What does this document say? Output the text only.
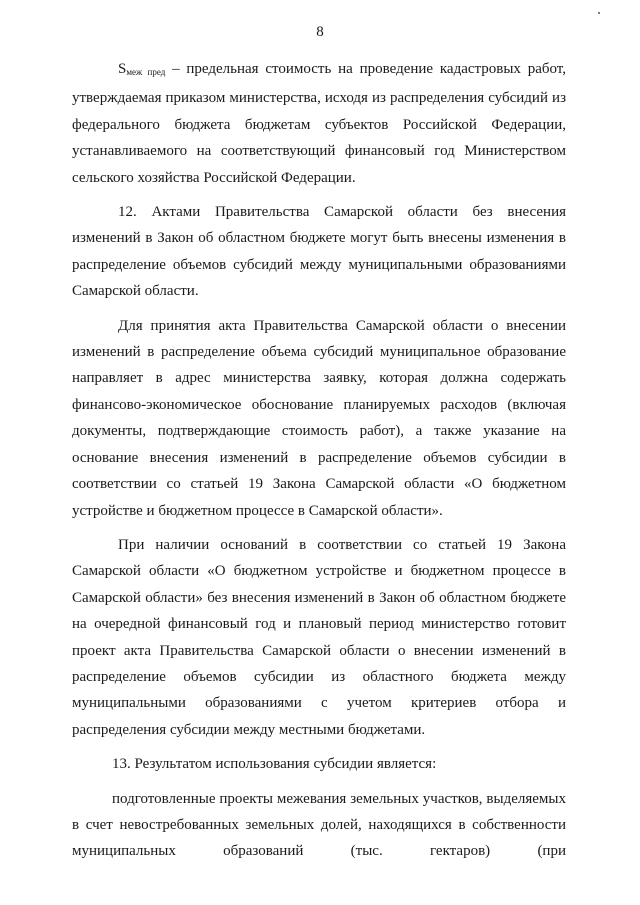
8

$S_{меж пред}$ – предельная стоимость на проведение кадастровых работ, утверждаемая приказом министерства, исходя из распределения субсидий из федерального бюджета бюджетам субъектов Российской Федерации, устанавливаемого на соответствующий финансовый год Министерством сельского хозяйства Российской Федерации.

12. Актами Правительства Самарской области без внесения изменений в Закон об областном бюджете могут быть внесены изменения в распределение объемов субсидий между муниципальными образованиями Самарской области.

Для принятия акта Правительства Самарской области о внесении изменений в распределение объема субсидий муниципальное образование направляет в адрес министерства заявку, которая должна содержать финансово-экономическое обоснование планируемых расходов (включая документы, подтверждающие стоимость работ), а также указание на основание внесения изменений в распределение объемов субсидии в соответствии со статьей 19 Закона Самарской области «О бюджетном устройстве и бюджетном процессе в Самарской области».

При наличии оснований в соответствии со статьей 19 Закона Самарской области «О бюджетном устройстве и бюджетном процессе в Самарской области» без внесения изменений в Закон об областном бюджете на очередной финансовый год и плановый период министерство готовит проект акта Правительства Самарской области о внесении изменений в распределение объемов субсидии из областного бюджета между муниципальными образованиями с учетом критериев отбора и распределения субсидии между местными бюджетами.

13. Результатом использования субсидии является:

подготовленные проекты межевания земельных участков, выделяемых в счет невостребованных земельных долей, находящихся в собственности муниципальных образований (тыс. гектаров) (при
